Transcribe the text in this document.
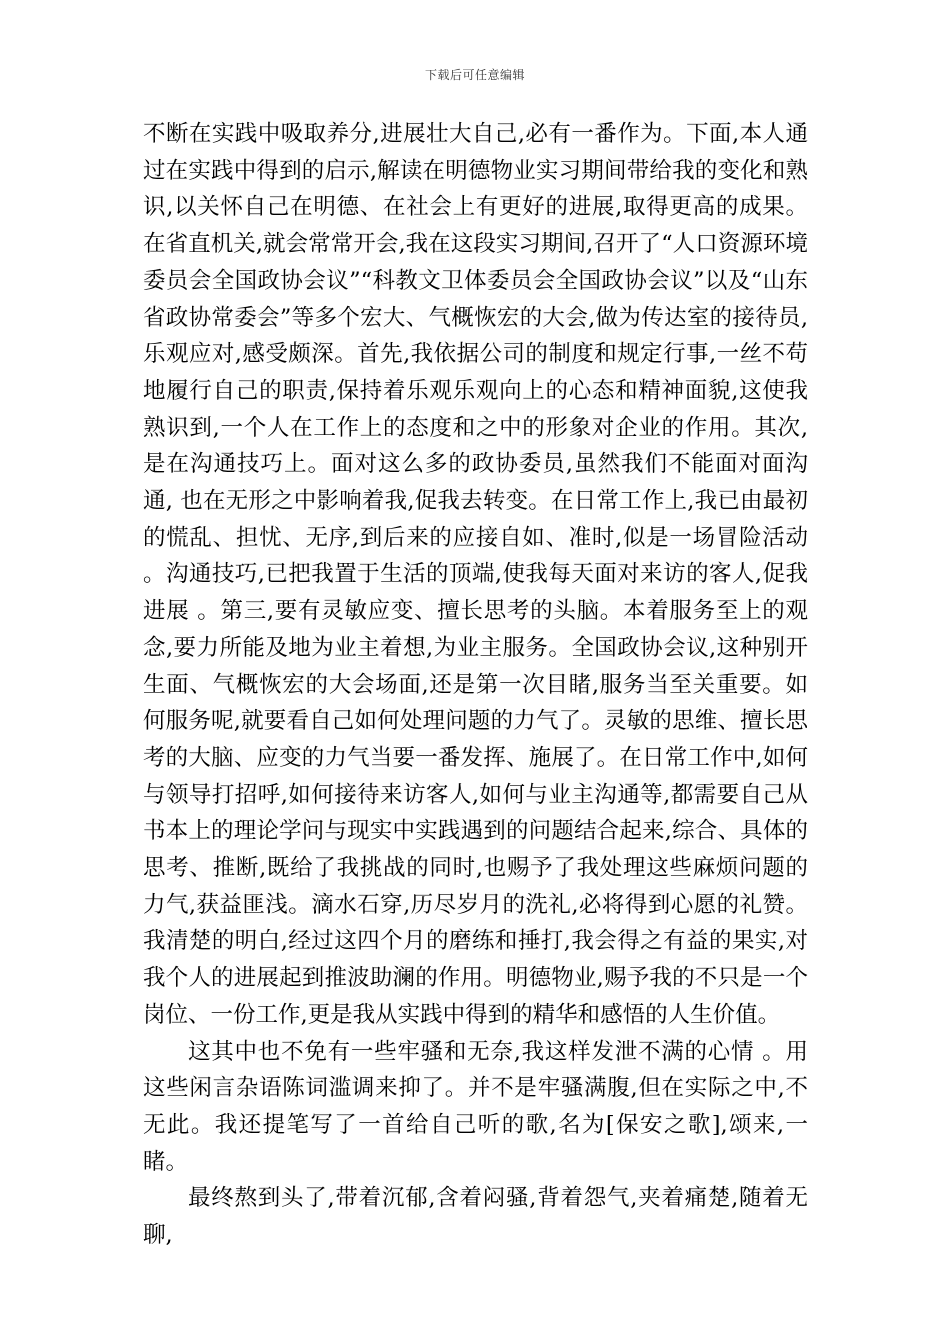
下载后可任意编辑

不断在实践中吸取养分,进展壮大自己,必有一番作为。下面,本人通过在实践中得到的启示,解读在明德物业实习期间带给我的变化和熟识,以关怀自己在明德、在社会上有更好的进展,取得更高的成果。在省直机关,就会常常开会,我在这段实习期间,召开了“人口资源环境委员会全国政协会议”“科教文卫体委员会全国政协会议”以及“山东省政协常委会”等多个宏大、气概恢宏的大会,做为传达室的接待员,乐观应对,感受颇深。首先,我依据公司的制度和规定行事,一丝不苟地履行自己的职责,保持着乐观乐观向上的心态和精神面貌,这使我熟识到,一个人在工作上的态度和之中的形象对企业的作用。其次,是在沟通技巧上。面对这么多的政协委员,虽然我们不能面对面沟通, 也在无形之中影响着我,促我去转变。在日常工作上,我已由最初的慌乱、担忧、无序,到后来的应接自如、准时,似是一场冒险活动 。沟通技巧,已把我置于生活的顶端,使我每天面对来访的客人,促我进展 。第三,要有灵敏应变、擅长思考的头脑。本着服务至上的观念,要力所能及地为业主着想,为业主服务。全国政协会议,这种别开生面、气概恢宏的大会场面,还是第一次目睹,服务当至关重要。如何服务呢,就要看自己如何处理问题的力气了。灵敏的思维、擅长思考的大脑、应变的力气当要一番发挥、施展了。在日常工作中,如何与领导打招呼,如何接待来访客人,如何与业主沟通等,都需要自己从书本上的理论学问与现实中实践遇到的问题结合起来,综合、具体的思考、推断,既给了我挑战的同时,也赐予了我处理这些麻烦问题的力气,获益匪浅。滴水石穿,历尽岁月的洗礼,必将得到心愿的礼赞。我清楚的明白,经过这四个月的磨练和捶打,我会得之有益的果实,对我个人的进展起到推波助澜的作用。明德物业,赐予我的不只是一个岗位、一份工作,更是我从实践中得到的精华和感悟的人生价值。

这其中也不免有一些牢骚和无奈,我这样发泄不满的心情 。用这些闲言杂语陈词滥调来抑了。并不是牢骚满腹,但在实际之中,不无此。我还提笔写了一首给自己听的歌,名为[保安之歌],颂来,一睹。

最终熬到头了,带着沉郁,含着闷骚,背着怨气,夹着痛楚,随着无聊,
